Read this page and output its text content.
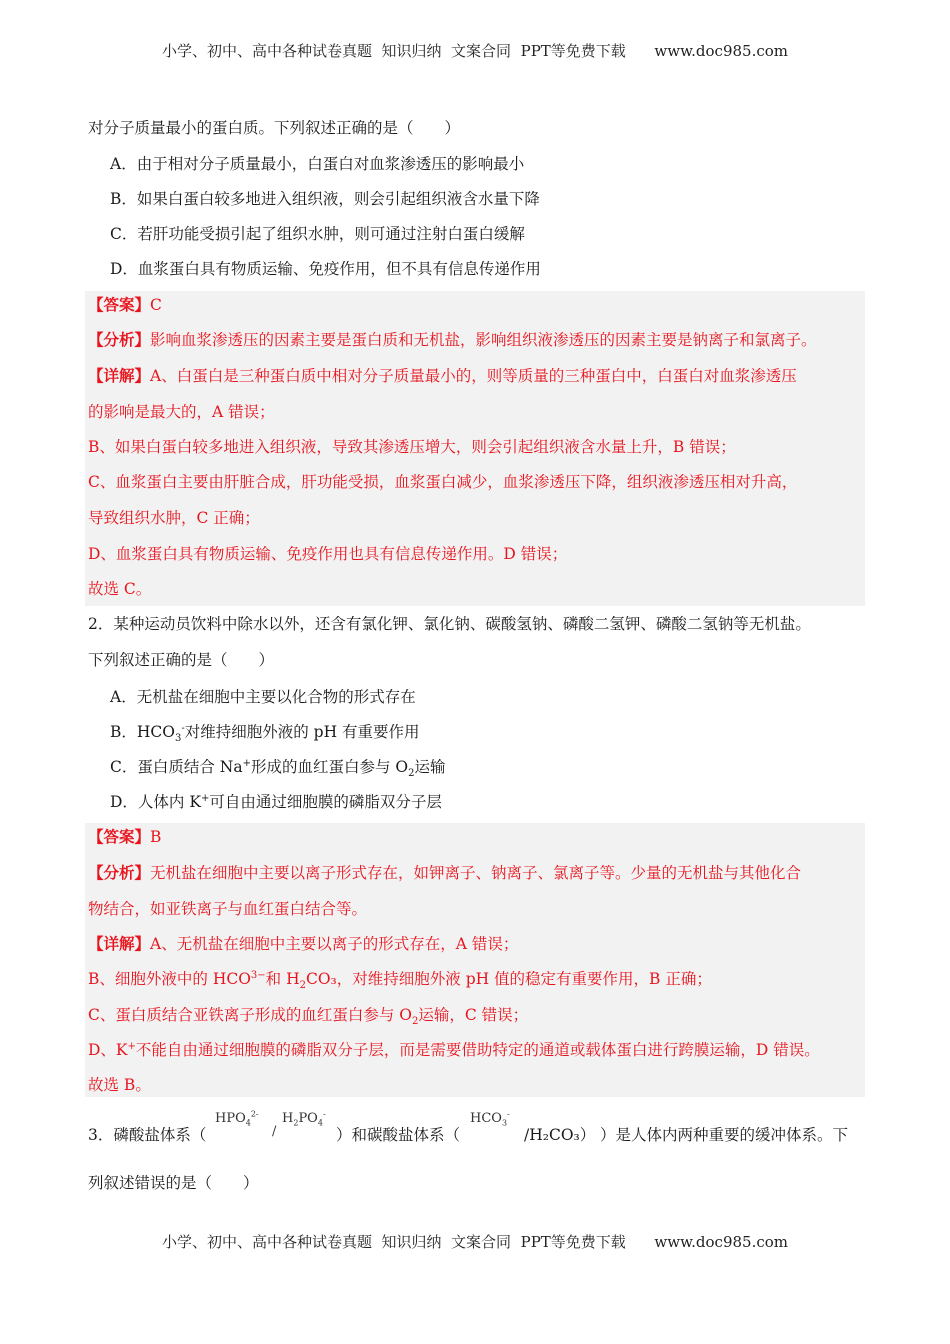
小学、初中、高中各种试卷真题  知识归纳  文案合同  PPT等免费下载 www.doc985.com
对分子质量最小的蛋白质。下列叙述正确的是（　　）
A．由于相对分子质量最小，白蛋白对血浆渗透压的影响最小
B．如果白蛋白较多地进入组织液，则会引起组织液含水量下降
C．若肝功能受损引起了组织水肿，则可通过注射白蛋白缓解
D．血浆蛋白具有物质运输、免疫作用，但不具有信息传递作用
【答案】C
【分析】影响血浆渗透压的因素主要是蛋白质和无机盐，影响组织液渗透压的因素主要是钠离子和氯离子。
【详解】A、白蛋白是三种蛋白质中相对分子质量最小的，则等质量的三种蛋白中，白蛋白对血浆渗透压
的影响是最大的，A 错误；
B、如果白蛋白较多地进入组织液，导致其渗透压增大，则会引起组织液含水量上升，B 错误；
C、血浆蛋白主要由肝脏合成，肝功能受损，血浆蛋白减少，血浆渗透压下降，组织液渗透压相对升高，
导致组织水肿，C 正确；
D、血浆蛋白具有物质运输、免疫作用也具有信息传递作用。D 错误；
故选 C。
2．某种运动员饮料中除水以外，还含有氯化钾、氯化钠、碳酸氢钠、磷酸二氢钾、磷酸二氢钠等无机盐。
下列叙述正确的是（　　）
A．无机盐在细胞中主要以化合物的形式存在
B．$HCO_3^-$对维持细胞外液的 pH 有重要作用
C．蛋白质结合 Na+形成的血红蛋白参与 $O_2$运输
D．人体内 K+可自由通过细胞膜的磷脂双分子层
【答案】B
【分析】无机盐在细胞中主要以离子形式存在，如钾离子、钠离子、氯离子等。少量的无机盐与其他化合
物结合，如亚铁离子与血红蛋白结合等。
【详解】A、无机盐在细胞中主要以离子的形式存在，A 错误；
B、细胞外液中的 $HCO^{3-}$和 $H_2CO_3$，对维持细胞外液 pH 值的稳定有重要作用，B 正确；
C、蛋白质结合亚铁离子形成的血红蛋白参与 $O_2$运输，C 错误；
D、K+不能自由通过细胞膜的磷脂双分子层，而是需要借助特定的通道或载体蛋白进行跨膜运输，D 错误。
故选 B。
3．磷酸盐体系（
$HPO_4^{2-}$
/
$H_2PO_4^-$
）和碳酸盐体系（
$HCO_3^-$
/H₂CO₃） ）是人体内两种重要的缓冲体系。下
列叙述错误的是（　　）
小学、初中、高中各种试卷真题  知识归纳  文案合同  PPT等免费下载 www.doc985.com
